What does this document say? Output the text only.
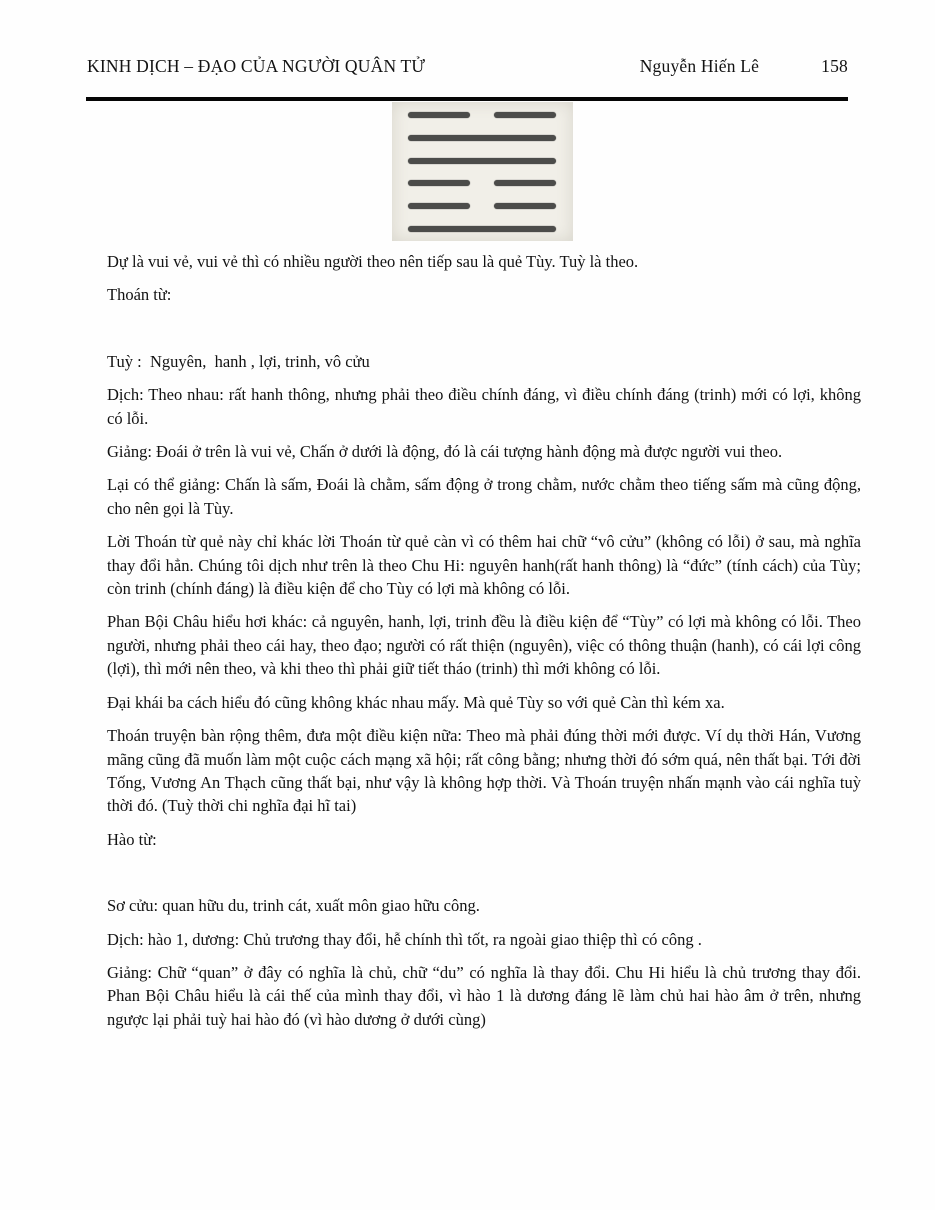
KINH DỊCH – ĐẠO CỦA NGƯỜI QUÂN TỬ	Nguyễn Hiến Lê	158

Dự là vui vẻ, vui vẻ thì có nhiều người theo nên tiếp sau là quẻ Tùy. Tuỳ là theo.

Thoán từ:

Tuỳ :  Nguyên,  hanh , lợi, trinh, vô cửu

Dịch: Theo nhau: rất hanh thông, nhưng phải theo điều chính đáng, vì điều chính đáng (trinh) mới có lợi, không có lỗi.

Giảng: Đoái ở trên là vui vẻ, Chấn ở dưới là động, đó là cái tượng hành động mà được người vui theo.

Lại có thể giảng: Chấn là sấm, Đoái là chằm, sấm động ở trong chằm, nước chằm theo tiếng sấm mà cũng động, cho nên gọi là Tùy.

Lời Thoán từ quẻ này chỉ khác lời Thoán từ quẻ càn vì có thêm hai chữ “vô cửu” (không có lỗi) ở sau, mà nghĩa thay đổi hẳn. Chúng tôi dịch như trên là theo Chu Hi: nguyên hanh(rất hanh thông) là “đức” (tính cách) của Tùy; còn trinh (chính đáng) là điều kiện để cho Tùy có lợi mà không có lỗi.

Phan Bội Châu hiểu hơi khác: cả nguyên, hanh, lợi, trinh đều là điều kiện để “Tùy” có lợi mà không có lỗi. Theo người, nhưng phải theo cái hay, theo đạo; người có rất thiện (nguyên), việc có thông thuận (hanh), có cái lợi công (lợi), thì mới nên theo, và khi theo thì phải giữ tiết tháo (trinh) thì mới không có lỗi.

Đại khái ba cách hiểu đó cũng không khác nhau mấy. Mà quẻ Tùy so với quẻ Càn thì kém xa.

Thoán truyện bàn rộng thêm, đưa một điều kiện nữa: Theo mà phải đúng thời mới được. Ví dụ thời Hán, Vương mãng cũng đã muốn làm một cuộc cách mạng xã hội; rất công bằng; nhưng thời đó sớm quá, nên thất bại. Tới đời Tống, Vương An Thạch cũng thất bại, như vậy là không hợp thời. Và Thoán truyện nhấn mạnh vào cái nghĩa tuỳ thời đó. (Tuỳ thời chi nghĩa đại hĩ tai)

Hào từ:

Sơ cửu: quan hữu du, trinh cát, xuất môn giao hữu công.

Dịch: hào 1, dương: Chủ trương thay đổi, hễ chính thì tốt, ra ngoài giao thiệp thì có công .

Giảng: Chữ “quan” ở đây có nghĩa là chủ, chữ “du” có nghĩa là thay đổi. Chu Hi hiểu là chủ trương thay đổi. Phan Bội Châu hiểu là cái thế của mình thay đổi, vì hào 1 là dương đáng lẽ làm chủ hai hào âm ở trên, nhưng ngược lại phải tuỳ hai hào đó (vì hào dương ở dưới cùng)
